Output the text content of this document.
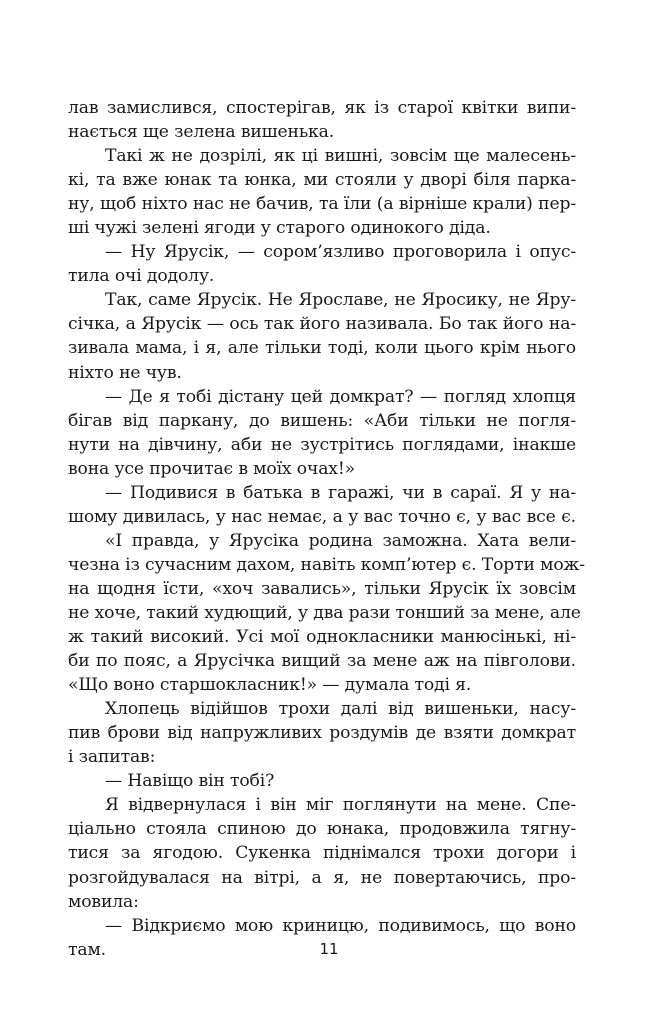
лав замислився, спостерігав, як із старої квітки випи-
нається ще зелена вишенька.
Такі ж не дозрілі, як ці вишні, зовсім ще малесень-
кі, та вже юнак та юнка, ми стояли у дворі біля парка-
ну, щоб ніхто нас не бачив, та їли (а вірніше крали) пер-
ші чужі зелені ягоди у старого одинокого діда.
— Ну Ярусік, — сором’язливо проговорила і опус-
тила очі додолу.
Так, саме Ярусік. Не Ярославе, не Яросику, не Яру-
січка, а Ярусік — ось так його називала. Бо так його на-
зивала мама, і я, але тільки тоді, коли цього крім нього
ніхто не чув.
— Де я тобі дістану цей домкрат? — погляд хлопця
бігав від паркану, до вишень: «Аби тільки не погля-
нути на дівчину, аби не зустрітись поглядами, інакше
вона усе прочитає в моїх очах!»
— Подивися в батька в гаражі, чи в сараї. Я у на-
шому дивилась, у нас немає, а у вас точно є, у вас все є.
«І правда, у Ярусіка родина заможна. Хата вели-
чезна із сучасним дахом, навіть комп’ютер є. Торти мож-
на щодня їсти, «хоч завались», тільки Ярусік їх зовсім
не хоче, такий худющий, у два рази тонший за мене, але
ж такий високий. Усі мої однокласники манюсінькі, ні-
би по пояс, а Ярусічка вищий за мене аж на півголови.
«Що воно старшокласник!» — думала тоді я.
Хлопець відійшов трохи далі від вишеньки, насу-
пив брови від напружливих роздумів де взяти домкрат
і запитав:
— Навіщо він тобі?
Я відвернулася і він міг поглянути на мене. Спе-
ціально стояла спиною до юнака, продовжила тягну-
тися за ягодою. Сукенка піднімался трохи догори і
розгойдувалася на вітрі, а я, не повертаючись, про-
мовила:
— Відкриємо мою криницю, подивимось, що воно
там.	11
